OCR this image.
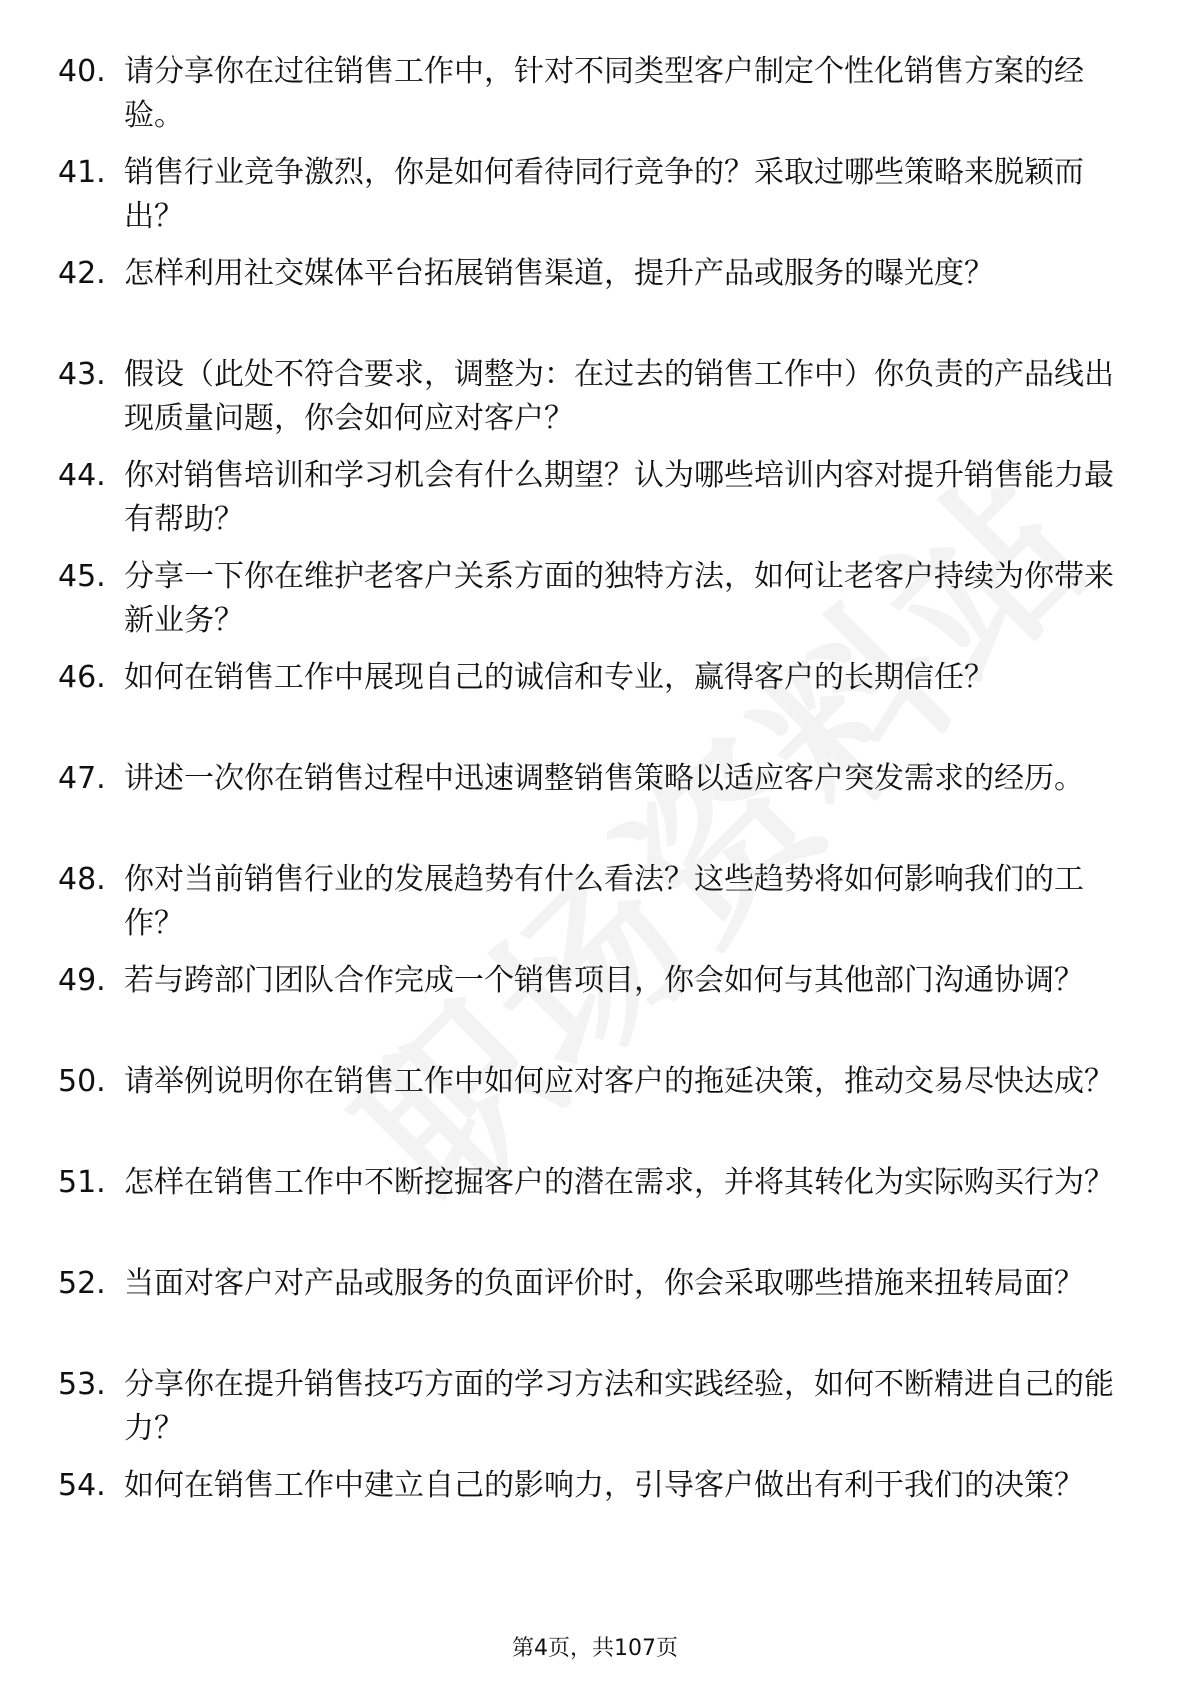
40. 请分享你在过往销售工作中，针对不同类型客户制定个性化销售方案的经验。
41. 销售行业竞争激烈，你是如何看待同行竞争的？采取过哪些策略来脱颖而出？
42. 怎样利用社交媒体平台拓展销售渠道，提升产品或服务的曝光度？
43. 假设（此处不符合要求，调整为：在过去的销售工作中）你负责的产品线出现质量问题，你会如何应对客户？
44. 你对销售培训和学习机会有什么期望？认为哪些培训内容对提升销售能力最有帮助？
45. 分享一下你在维护老客户关系方面的独特方法，如何让老客户持续为你带来新业务？
46. 如何在销售工作中展现自己的诚信和专业，赢得客户的长期信任？
47. 讲述一次你在销售过程中迅速调整销售策略以适应客户突发需求的经历。
48. 你对当前销售行业的发展趋势有什么看法？这些趋势将如何影响我们的工作？
49. 若与跨部门团队合作完成一个销售项目，你会如何与其他部门沟通协调？
50. 请举例说明你在销售工作中如何应对客户的拖延决策，推动交易尽快达成？
51. 怎样在销售工作中不断挖掘客户的潜在需求，并将其转化为实际购买行为？
52. 当面对客户对产品或服务的负面评价时，你会采取哪些措施来扭转局面？
53. 分享你在提升销售技巧方面的学习方法和实践经验，如何不断精进自己的能力？
54. 如何在销售工作中建立自己的影响力，引导客户做出有利于我们的决策？
第4页，共107页
